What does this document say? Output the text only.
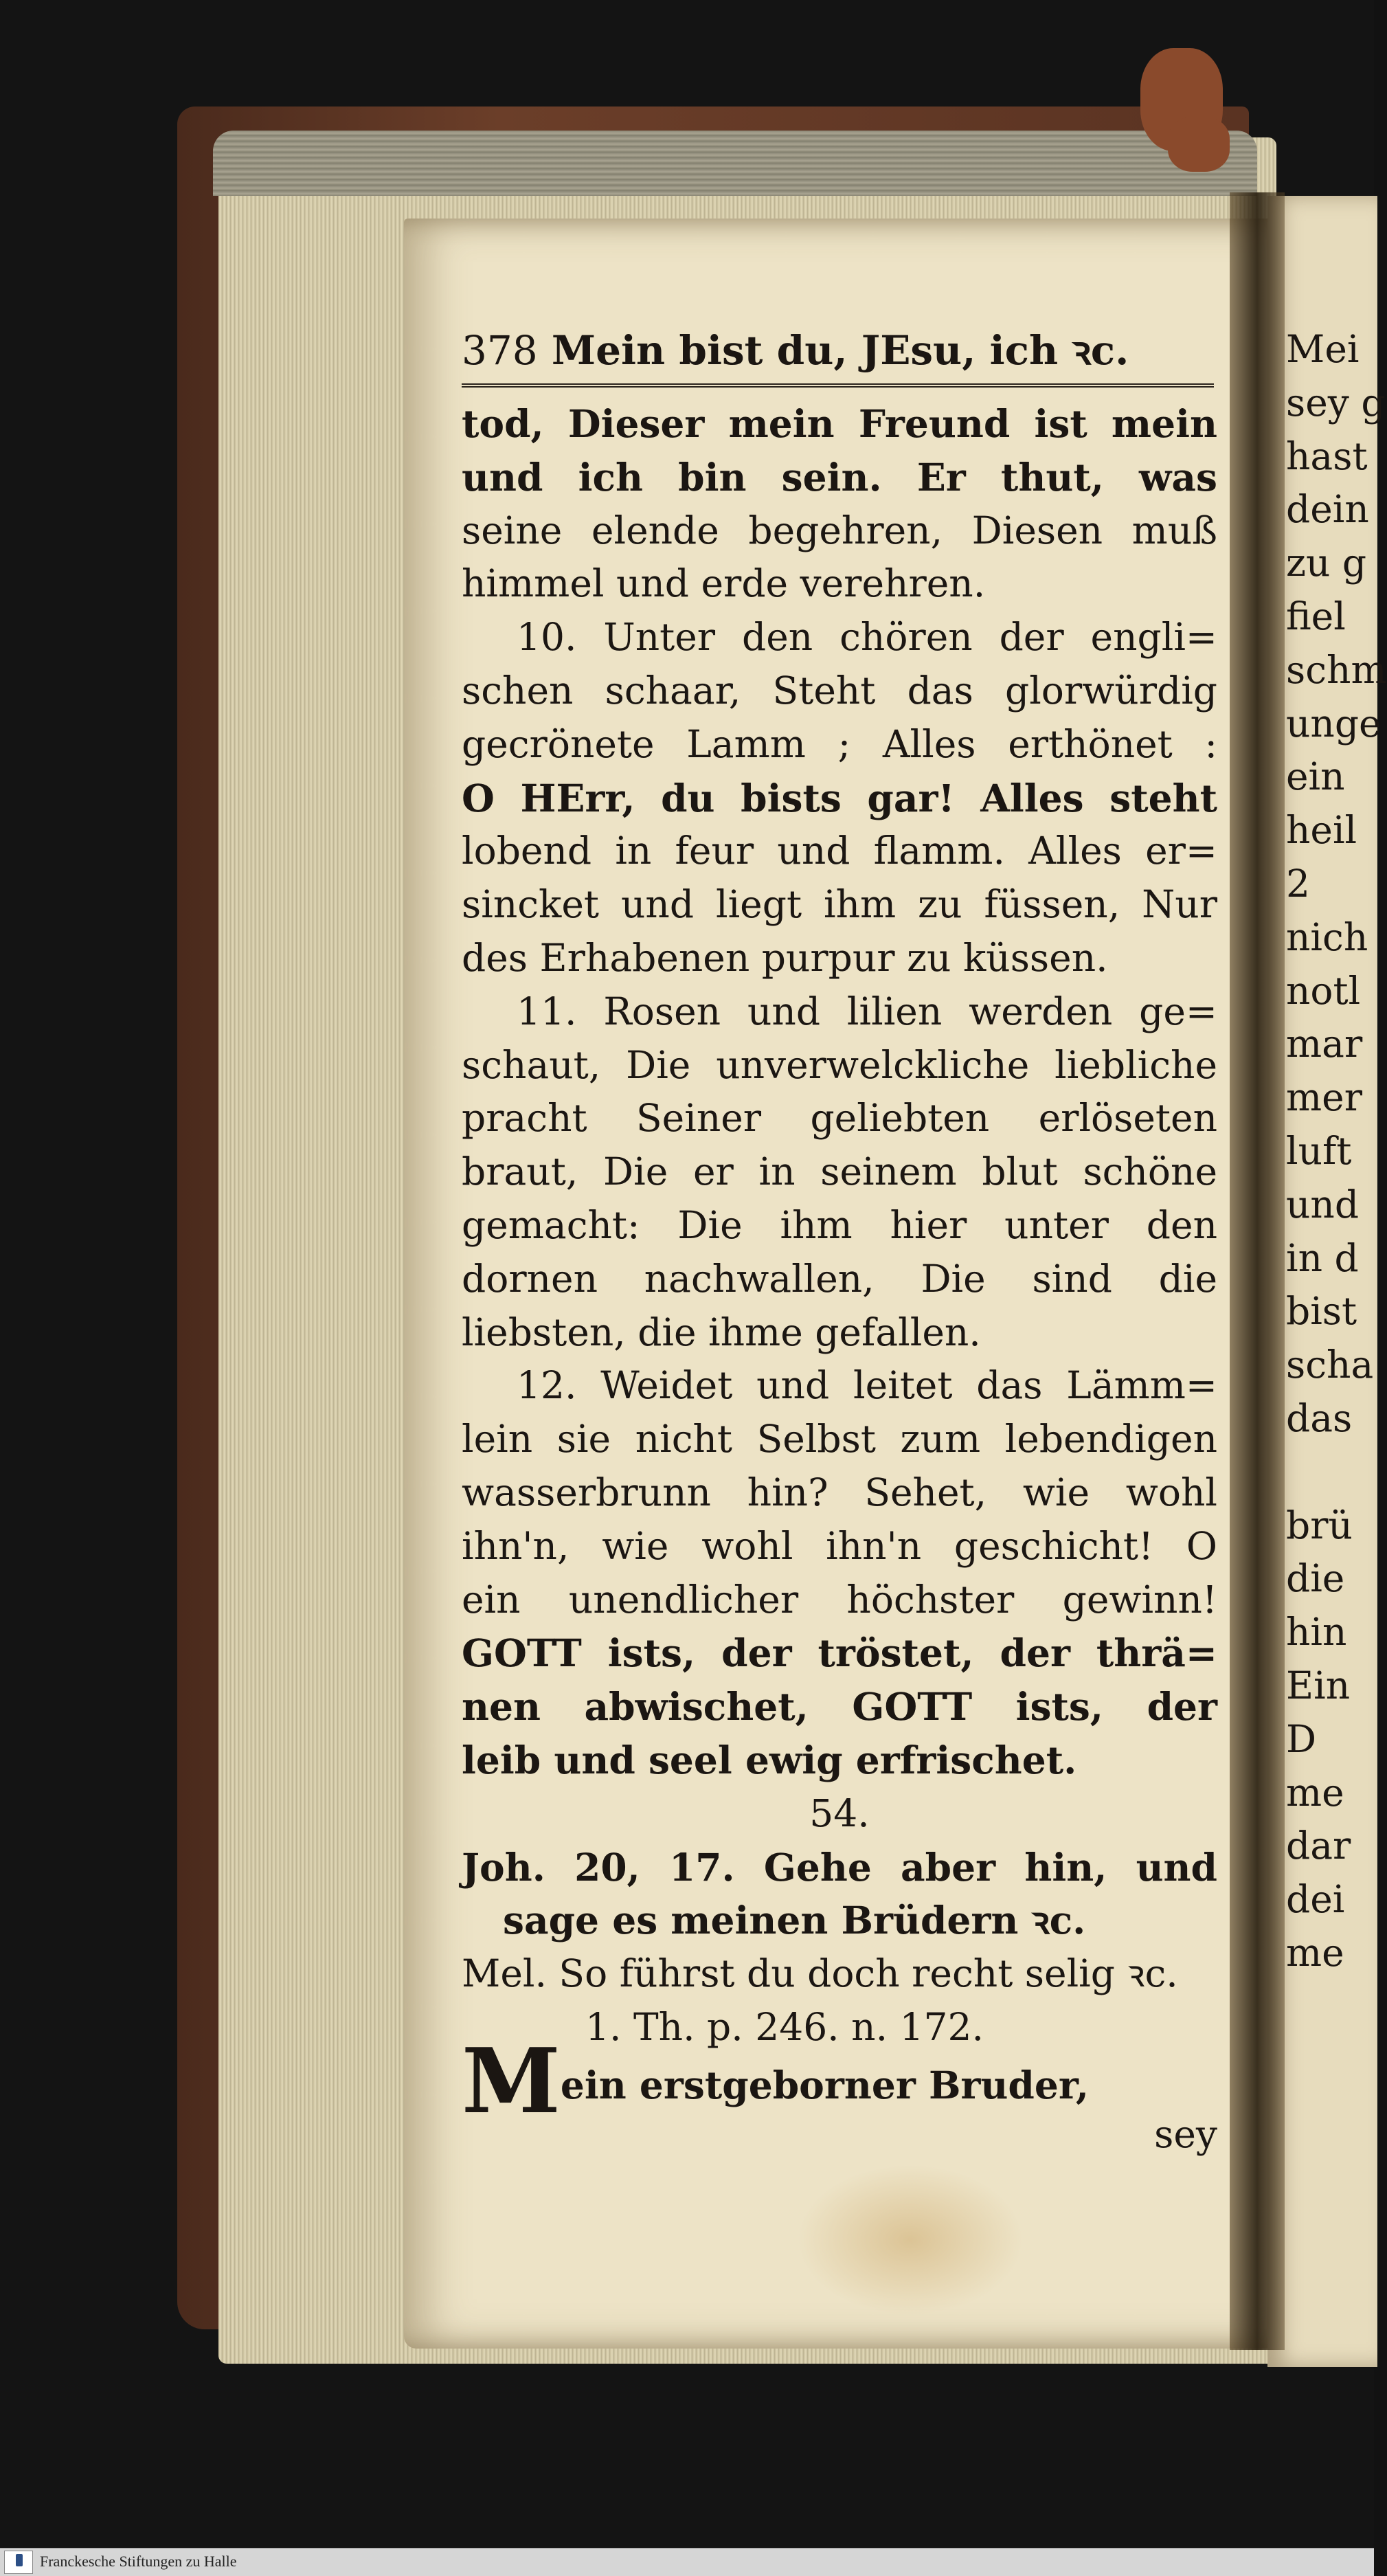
378 Mein bist du, JEsu, ich ꝛc.
tod, Dieser mein Freund ist mein
und ich bin sein. Er thut, was
seine elende begehren, Diesen muß
himmel und erde verehren.
10. Unter den chören der engli=
schen schaar, Steht das glorwürdig
gecrönete Lamm ; Alles erthönet :
O HErr, du bists gar! Alles steht
lobend in feur und flamm. Alles er=
sincket und liegt ihm zu füssen, Nur
des Erhabenen purpur zu küssen.
11. Rosen und lilien werden ge=
schaut, Die unverwelckliche liebliche
pracht Seiner geliebten erlöseten
braut, Die er in seinem blut schöne
gemacht: Die ihm hier unter den
dornen nachwallen, Die sind die
liebsten, die ihme gefallen.
12. Weidet und leitet das Lämm=
lein sie nicht Selbst zum lebendigen
wasserbrunn hin? Sehet, wie wohl
ihn'n, wie wohl ihn'n geschicht! O
ein unendlicher höchster gewinn!
GOTT ists, der tröstet, der thrä=
nen abwischet, GOTT ists, der
leib und seel ewig erfrischet.
54.
Joh. 20, 17. Gehe aber hin, und
sage es meinen Brüdern ꝛc.
Mel. So führst du doch recht selig ꝛc.
1. Th. p. 246. n. 172.
Mein erstgeborner Bruder,
sey
Mei
sey g
hast
dein
zu g
fiel
schm
unge
ein
heil
2
nich
notl
mar
mer
luft
und
in d
bist
scha
das
brü
die
hin
Ein
D
me
dar
dei
me
Franckesche Stiftungen zu Halle
